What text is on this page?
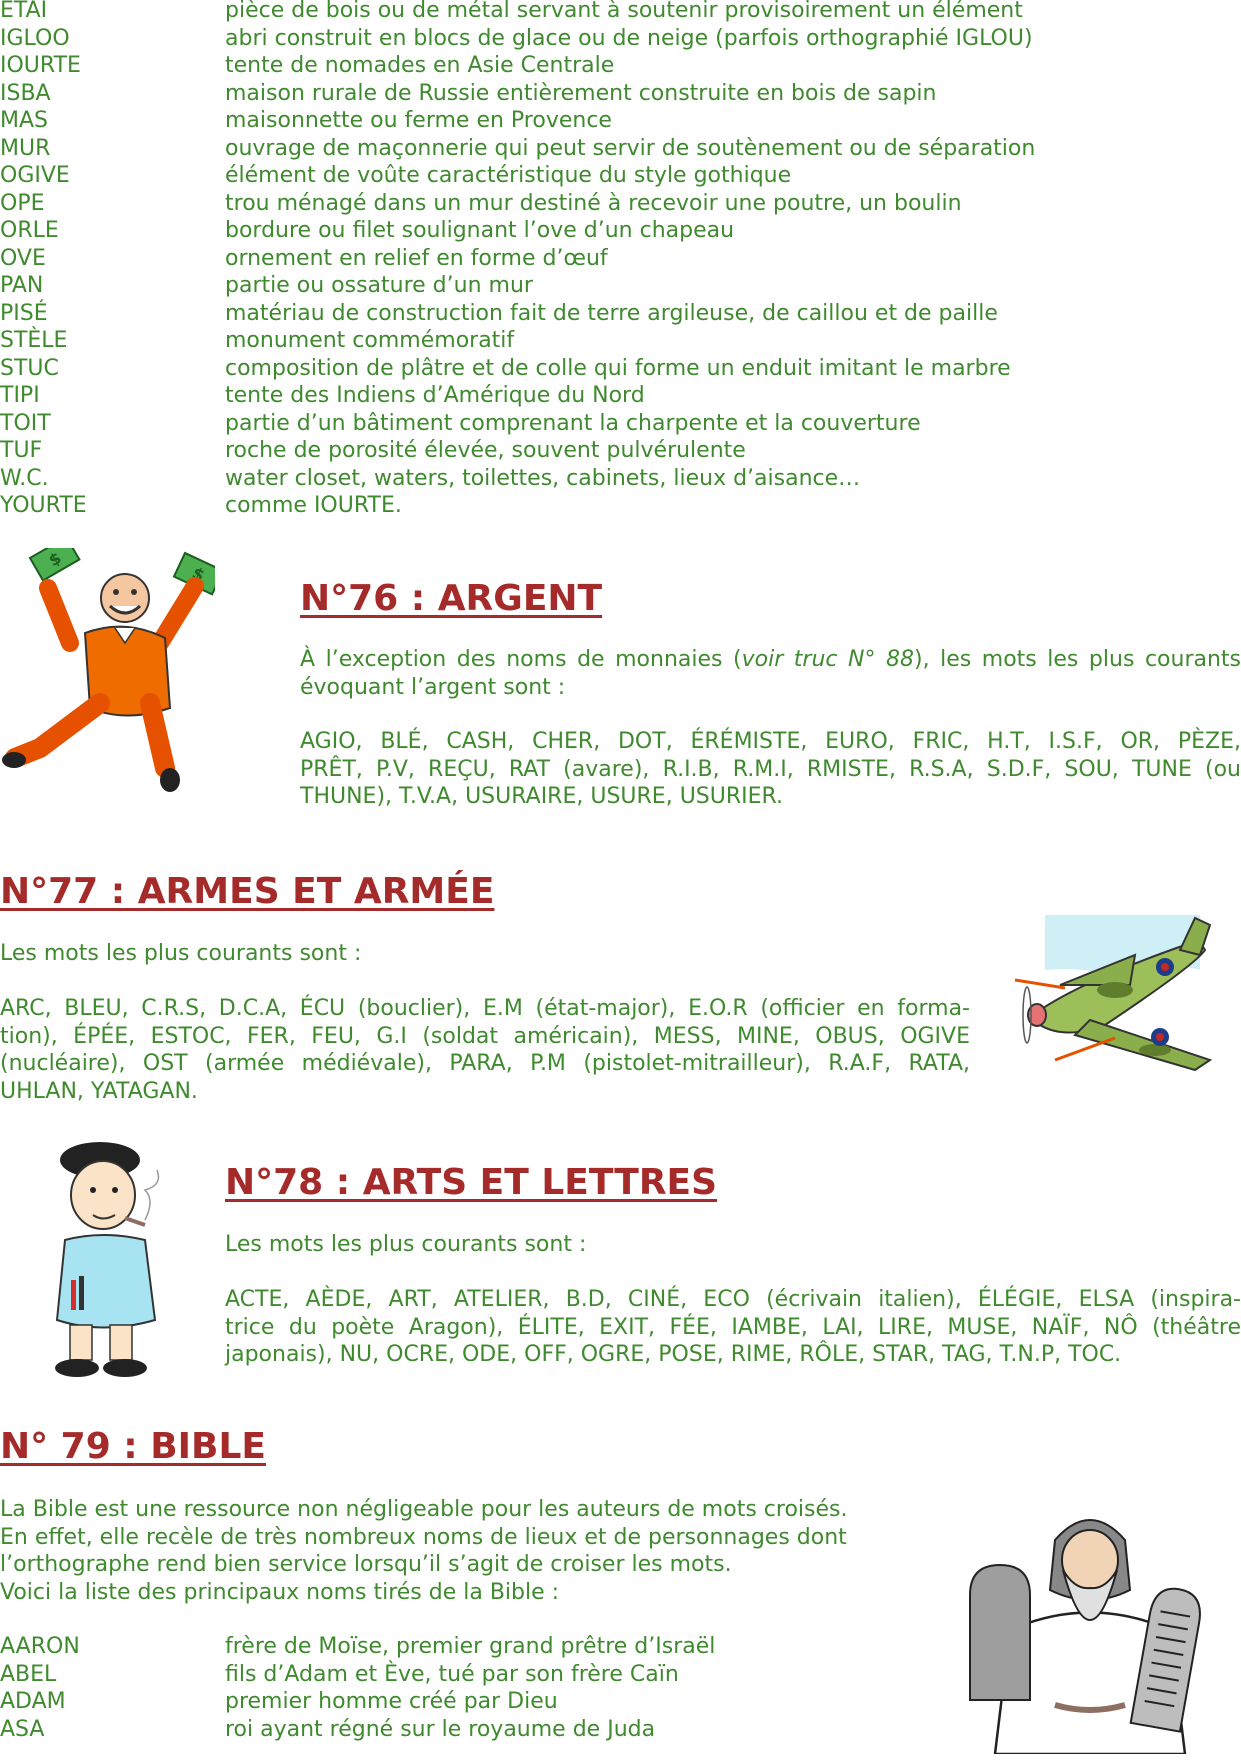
ETAI	pièce de bois ou de métal servant à soutenir provisoirement un élément
IGLOO	abri construit en blocs de glace ou de neige (parfois orthographié IGLOU)
IOURTE	tente de nomades en Asie Centrale
ISBA	maison rurale de Russie entièrement construite en bois de sapin
MAS	maisonnette ou ferme en Provence
MUR	ouvrage de maçonnerie qui peut servir de soutènement ou de séparation
OGIVE	élément de voûte caractéristique du style gothique
OPE	trou ménagé dans un mur destiné à recevoir une poutre, un boulin
ORLE	bordure ou filet soulignant l’ove d’un chapeau
OVE	ornement en relief en forme d’œuf
PAN	partie ou ossature d’un mur
PISÉ	matériau de construction fait de terre argileuse, de caillou et de paille
STÈLE	monument commémoratif
STUC	composition de plâtre et de colle qui forme un enduit imitant le marbre
TIPI	tente des Indiens d’Amérique du Nord
TOIT	partie d’un bâtiment comprenant la charpente et la couverture
TUF	roche de porosité élevée, souvent pulvérulente
W.C.	water closet, waters, toilettes, cabinets, lieux d’aisance…
YOURTE	comme IOURTE.
$
$
N°76 : ARGENT
À l’exception des noms de monnaies (voir truc N° 88), les mots les plus courants
évoquant l’argent sont :
AGIO, BLÉ, CASH, CHER, DOT, ÉRÉMISTE, EURO, FRIC, H.T, I.S.F, OR, PÈZE,
PRÊT, P.V, REÇU, RAT (avare), R.I.B, R.M.I, RMISTE, R.S.A, S.D.F, SOU, TUNE (ou
THUNE), T.V.A, USURAIRE, USURE, USURIER.
N°77 : ARMES ET ARMÉE
Les mots les plus courants sont :
ARC, BLEU, C.R.S, D.C.A, ÉCU (bouclier), E.M (état-major), E.O.R (officier en forma-
tion), ÉPÉE, ESTOC, FER, FEU, G.I (soldat américain), MESS, MINE, OBUS, OGIVE
(nucléaire), OST (armée médiévale), PARA, P.M (pistolet-mitrailleur), R.A.F, RATA,
UHLAN, YATAGAN.
N°78 : ARTS ET LETTRES
Les mots les plus courants sont :
ACTE, AÈDE, ART, ATELIER, B.D, CINÉ, ECO (écrivain italien), ÉLÉGIE, ELSA (inspira-
trice du poète Aragon), ÉLITE, EXIT, FÉE, IAMBE, LAI, LIRE, MUSE, NAÏF, NÔ (théâtre
japonais), NU, OCRE, ODE, OFF, OGRE, POSE, RIME, RÔLE, STAR, TAG, T.N.P, TOC.
N° 79 : BIBLE
La Bible est une ressource non négligeable pour les auteurs de mots croisés.
En effet, elle recèle de très nombreux noms de lieux et de personnages dont
l’orthographe rend bien service lorsqu’il s’agit de croiser les mots.
Voici la liste des principaux noms tirés de la Bible :
AARON	frère de Moïse, premier grand prêtre d’Israël
ABEL	fils d’Adam et Ève, tué par son frère Caïn
ADAM	premier homme créé par Dieu
ASA	roi ayant régné sur le royaume de Juda
